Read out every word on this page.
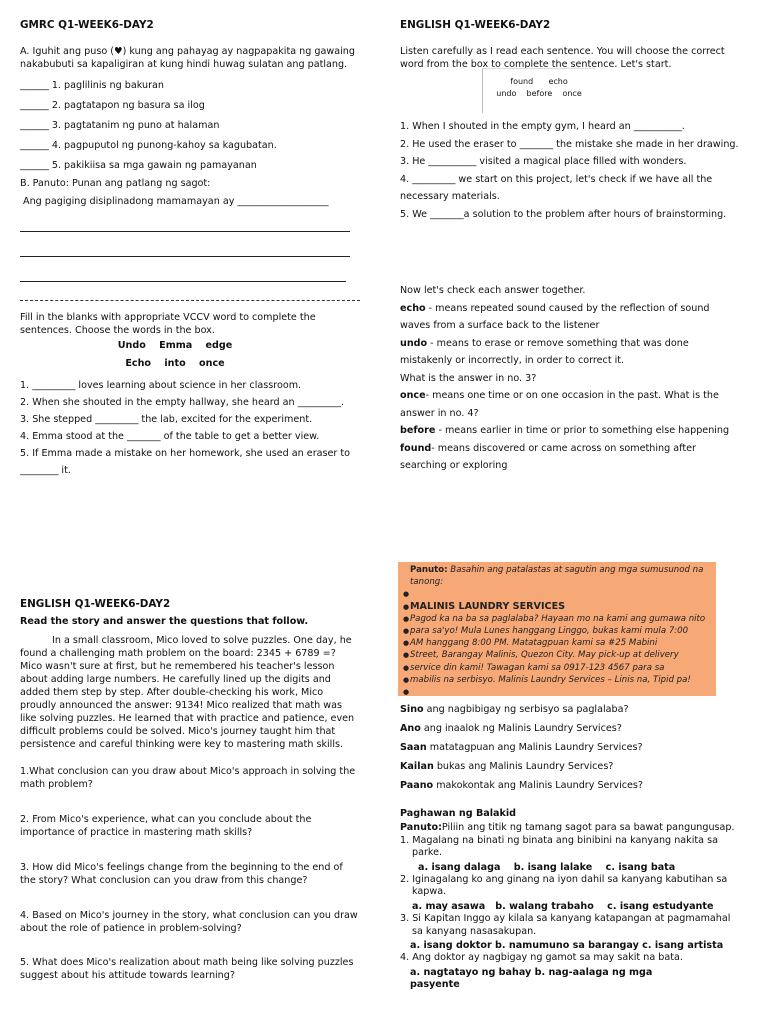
GMRC Q1-WEEK6-DAY2

A. Iguhit ang puso (♥) kung ang pahayag ay nagpapakita ng gawaing nakabubuti sa kapaligiran at kung hindi huwag sulatan ang patlang.

______ 1. paglilinis ng bakuran

______ 2. pagtatapon ng basura sa ilog

______ 3. pagtatanim ng puno at halaman

______ 4. pagpuputol ng punong-kahoy sa kagubatan.

______ 5. pakikiisa sa mga gawain ng pamayanan

B. Panuto: Punan ang patlang ng sagot:

Ang pagiging disiplinadong mamamayan ay ___________________

Fill in the blanks with appropriate VCCV word to complete the sentences. Choose the words in the box.

Undo    Emma    edge

Echo    into    once

1. _________ loves learning about science in her classroom.

2. When she shouted in the empty hallway, she heard an _________.

3. She stepped _________ the lab, excited for the experiment.

4. Emma stood at the _______ of the table to get a better view.

5. If Emma made a mistake on her homework, she used an eraser to ________ it.

ENGLISH Q1-WEEK6-DAY2

Listen carefully as I read each sentence. You will choose the correct word from the box to complete the sentence. Let's start.

found      echo

undo    before    once

1. When I shouted in the empty gym, I heard an __________.

2. He used the eraser to _______ the mistake she made in her drawing.

3. He __________ visited a magical place filled with wonders.

4. _________ we start on this project, let's check if we have all the necessary materials.

5. We _______a solution to the problem after hours of brainstorming.

Now let's check each answer together.

echo - means repeated sound caused by the reflection of sound waves from a surface back to the listener

undo - means to erase or remove something that was done mistakenly or incorrectly, in order to correct it.

What is the answer in no. 3?

once- means one time or on one occasion in the past. What is the answer in no. 4?

before - means earlier in time or prior to something else happening

found- means discovered or came across on something after searching or exploring

ENGLISH Q1-WEEK6-DAY2

Read the story and answer the questions that follow.

In a small classroom, Mico loved to solve puzzles. One day, he found a challenging math problem on the board: 2345 + 6789 =? Mico wasn't sure at first, but he remembered his teacher's lesson about adding large numbers. He carefully lined up the digits and added them step by step. After double-checking his work, Mico proudly announced the answer: 9134! Mico realized that math was like solving puzzles. He learned that with practice and patience, even difficult problems could be solved. Mico's journey taught him that persistence and careful thinking were key to mastering math skills.

1.What conclusion can you draw about Mico's approach in solving the math problem?

2. From Mico's experience, what can you conclude about the importance of practice in mastering math skills?

3. How did Mico's feelings change from the beginning to the end of the story? What conclusion can you draw from this change?

4. Based on Mico's journey in the story, what conclusion can you draw about the role of patience in problem-solving?

5. What does Mico's realization about math being like solving puzzles suggest about his attitude towards learning?

Panuto: Basahin ang patalastas at sagutin ang mga sumusunod na tanong:

●

● MALINIS LAUNDRY SERVICES
● Pagod ka na ba sa paglalaba? Hayaan mo na kami ang gumawa nito
● para sa'yo! Mula Lunes hanggang Linggo, bukas kami mula 7:00
● AM hanggang 8:00 PM. Matatagpuan kami sa #25 Mabini
● Street, Barangay Malinis, Quezon City. May pick-up at delivery
● service din kami! Tawagan kami sa 0917-123 4567 para sa
● mabilis na serbisyo. Malinis Laundry Services – Linis na, Tipid pa!
●

Sino ang nagbibigay ng serbisyo sa paglalaba?

Ano ang inaalok ng Malinis Laundry Services?

Saan matatagpuan ang Malinis Laundry Services?

Kailan bukas ang Malinis Laundry Services?

Paano makokontak ang Malinis Laundry Services?

Paghawan ng Balakid

Panuto:Piliin ang titik ng tamang sagot para sa bawat pangungusap.

1. Magalang na binati ng binata ang binibini na kanyang nakita sa parke.

a. isang dalaga    b. isang lalake    c. isang bata

2. Iginagalang ko ang ginang na iyon dahil sa kanyang kabutihan sa kapwa.

a. may asawa   b. walang trabaho    c. isang estudyante

3. Si Kapitan Inggo ay kilala sa kanyang katapangan at pagmamahal sa kanyang nasasakupan.

a. isang doktor b. namumuno sa barangay c. isang artista

4. Ang doktor ay nagbigay ng gamot sa may sakit na bata.

a. nagtatayo ng bahay b. nag-aalaga ng mga pasyente
